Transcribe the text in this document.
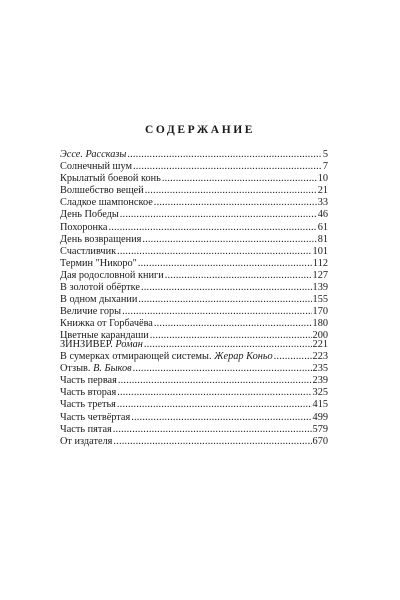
СОДЕРЖАНИЕ
Эссе. Рассказы .....	5
Солнечный шум .....	7
Крылатый боевой конь .....	10
Волшебство вещей .....	21
Сладкое шампонское .....	33
День Победы .....	46
Похоронка .....	61
День возвращения .....	81
Счастливчик .....	101
Термин "Никоро" .....	112
Дая родословной книги .....	127
В золотой обёртке .....	139
В одном дыхании .....	155
Величие горы .....	170
Книжка от Горбачёва .....	180
Цветные карандаши .....	200
ЗИНЗИВЕР. Роман .....	221
В сумерках отмирающей системы. Жерар Коньо .....	223
Отзыв. В. Быков .....	235
Часть первая .....	239
Часть вторая .....	325
Часть третья .....	415
Часть четвёртая .....	499
Часть пятая .....	579
От издателя .....	670
